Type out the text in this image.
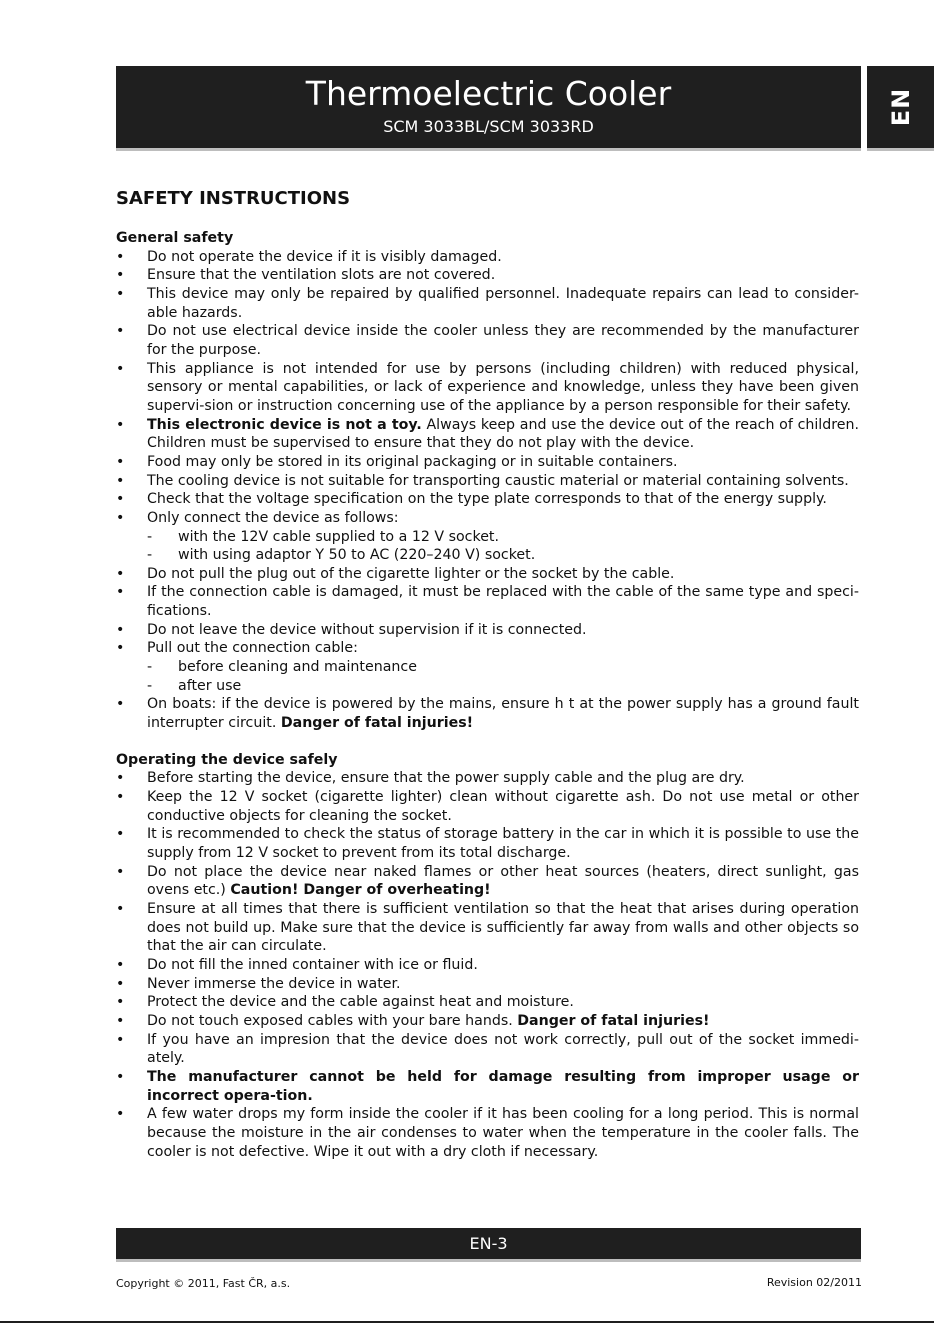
Thermoelectric Cooler
SCM 3033BL/SCM 3033RD
EN
SAFETY INSTRUCTIONS
General safety
• Do not operate the device if it is visibly damaged.
• Ensure that the ventilation slots are not covered.
• This device may only be repaired by qualified personnel. Inadequate repairs can lead to consider-able hazards.
• Do not use electrical device inside the cooler unless they are recommended by the manufacturer for the purpose.
• This appliance is not intended for use by persons (including children) with reduced physical, sensory or mental capabilities, or lack of experience and knowledge, unless they have been given supervi-sion or instruction concerning use of the appliance by a person responsible for their safety.
• This electronic device is not a toy. Always keep and use the device out of the reach of children. Children must be supervised to ensure that they do not play with the device.
• Food may only be stored in its original packaging or in suitable containers.
• The cooling device is not suitable for transporting caustic material or material containing solvents.
• Check that the voltage specification on the type plate corresponds to that of the energy supply.
• Only connect the device as follows:
- with the 12V cable supplied to a 12 V socket.
- with using adaptor Y 50 to AC (220–240 V) socket.
• Do not pull the plug out of the cigarette lighter or the socket by the cable.
• If the connection cable is damaged, it must be replaced with the cable of the same type and speci-fications.
• Do not leave the device without supervision if it is connected.
• Pull out the connection cable:
- before cleaning and maintenance
- after use
• On boats: if the device is powered by the mains, ensure h t at the power supply has a ground fault interrupter circuit. Danger of fatal injuries!
Operating the device safely
• Before starting the device, ensure that the power supply cable and the plug are dry.
• Keep the 12 V socket (cigarette lighter) clean without cigarette ash. Do not use metal or other conductive objects for cleaning the socket.
• It is recommended to check the status of storage battery in the car in which it is possible to use the supply from 12 V socket to prevent from its total discharge.
• Do not place the device near naked flames or other heat sources (heaters, direct sunlight, gas ovens etc.) Caution! Danger of overheating!
• Ensure at all times that there is sufficient ventilation so that the heat that arises during operation does not build up. Make sure that the device is sufficiently far away from walls and other objects so that the air can circulate.
• Do not fill the inned container with ice or fluid.
• Never immerse the device in water.
• Protect the device and the cable against heat and moisture.
• Do not touch exposed cables with your bare hands. Danger of fatal injuries!
• If you have an impresion that the device does not work correctly, pull out of the socket immedi-ately.
• The manufacturer cannot be held for damage resulting from improper usage or incorrect opera-tion.
• A few water drops my form inside the cooler if it has been cooling for a long period. This is normal because the moisture in the air condenses to water when the temperature in the cooler falls. The cooler is not defective. Wipe it out with a dry cloth if necessary.
EN-3
Copyright © 2011, Fast ČR, a.s.	Revision 02/2011
